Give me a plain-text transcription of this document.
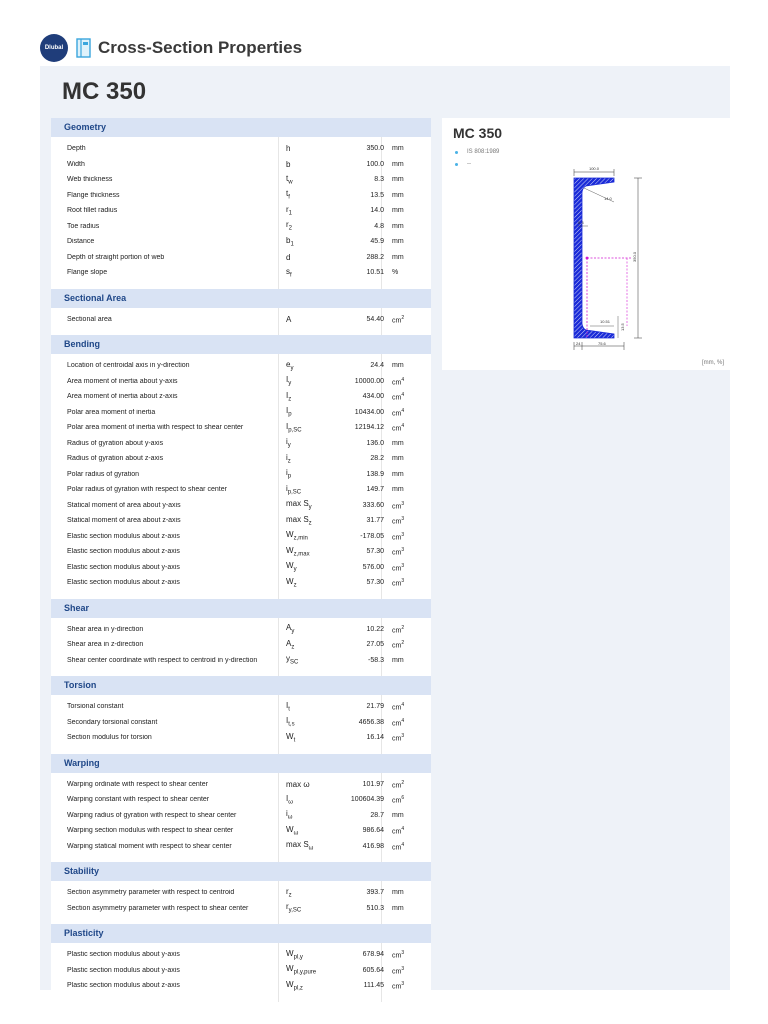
Dlubal Cross-Section Properties
MC 350
Geometry
Depth	h	350.0	mm
Width	b	100.0	mm
Web thickness	$t_w$	8.3	mm
Flange thickness	$t_f$	13.5	mm
Root fillet radius	$r_1$	14.0	mm
Toe radius	$r_2$	4.8	mm
Distance	$b_1$	45.9	mm
Depth of straight portion of web	d	288.2	mm
Flange slope	$s_f$	10.51	%
Sectional Area
Sectional area	A	54.40	$cm^2$
Bending
Location of centroidal axis in y-direction	$e_y$	24.4	mm
Area moment of inertia about y-axis	$I_y$	10000.00	$cm^4$
Area moment of inertia about z-axis	$I_z$	434.00	$cm^4$
Polar area moment of inertia	$I_p$	10434.00	$cm^4$
Polar area moment of inertia with respect to shear center	$I_{p,SC}$	12194.12	$cm^4$
Radius of gyration about y-axis	$i_y$	136.0	mm
Radius of gyration about z-axis	$i_z$	28.2	mm
Polar radius of gyration	$i_p$	138.9	mm
Polar radius of gyration with respect to shear center	$i_{p,SC}$	149.7	mm
Statical moment of area about y-axis	$\max S_y$	333.60	$cm^3$
Statical moment of area about z-axis	$\max S_z$	31.77	$cm^3$
Elastic section modulus about z-axis	$W_{z,min}$	-178.05	$cm^3$
Elastic section modulus about z-axis	$W_{z,max}$	57.30	$cm^3$
Elastic section modulus about y-axis	$W_y$	576.00	$cm^3$
Elastic section modulus about z-axis	$W_z$	57.30	$cm^3$
Shear
Shear area in y-direction	$A_y$	10.22	$cm^2$
Shear area in z-direction	$A_z$	27.05	$cm^2$
Shear center coordinate with respect to centroid in y-direction	$y_{SC}$	-58.3	mm
Torsion
Torsional constant	$I_t$	21.79	$cm^4$
Secondary torsional constant	$I_{t,s}$	4656.38	$cm^4$
Section modulus for torsion	$W_t$	16.14	$cm^3$
Warping
Warping ordinate with respect to shear center	max ω	101.97	$cm^2$
Warping constant with respect to shear center	$I_\omega$	100604.39	$cm^6$
Warping radius of gyration with respect to shear center	$i_\omega$	28.7	mm
Warping section modulus with respect to shear center	$W_\omega$	986.64	$cm^4$
Warping statical moment with respect to shear center	$\max S_\omega$	416.98	$cm^4$
Stability
Section asymmetry parameter with respect to centroid	$r_z$	393.7	mm
Section asymmetry parameter with respect to shear center	$r_{y,SC}$	510.3	mm
Plasticity
Plastic section modulus about y-axis	$W_{pl,y}$	678.94	$cm^3$
Plastic section modulus about y-axis	$W_{pl,y,pure}$	605.64	$cm^3$
Plastic section modulus about z-axis	$W_{pl,z}$	111.45	$cm^3$
MC 350
IS 808:1989
--
100.0
14.0
8.3
350.0
10.51
13.5
24	75.6
[mm, %]
